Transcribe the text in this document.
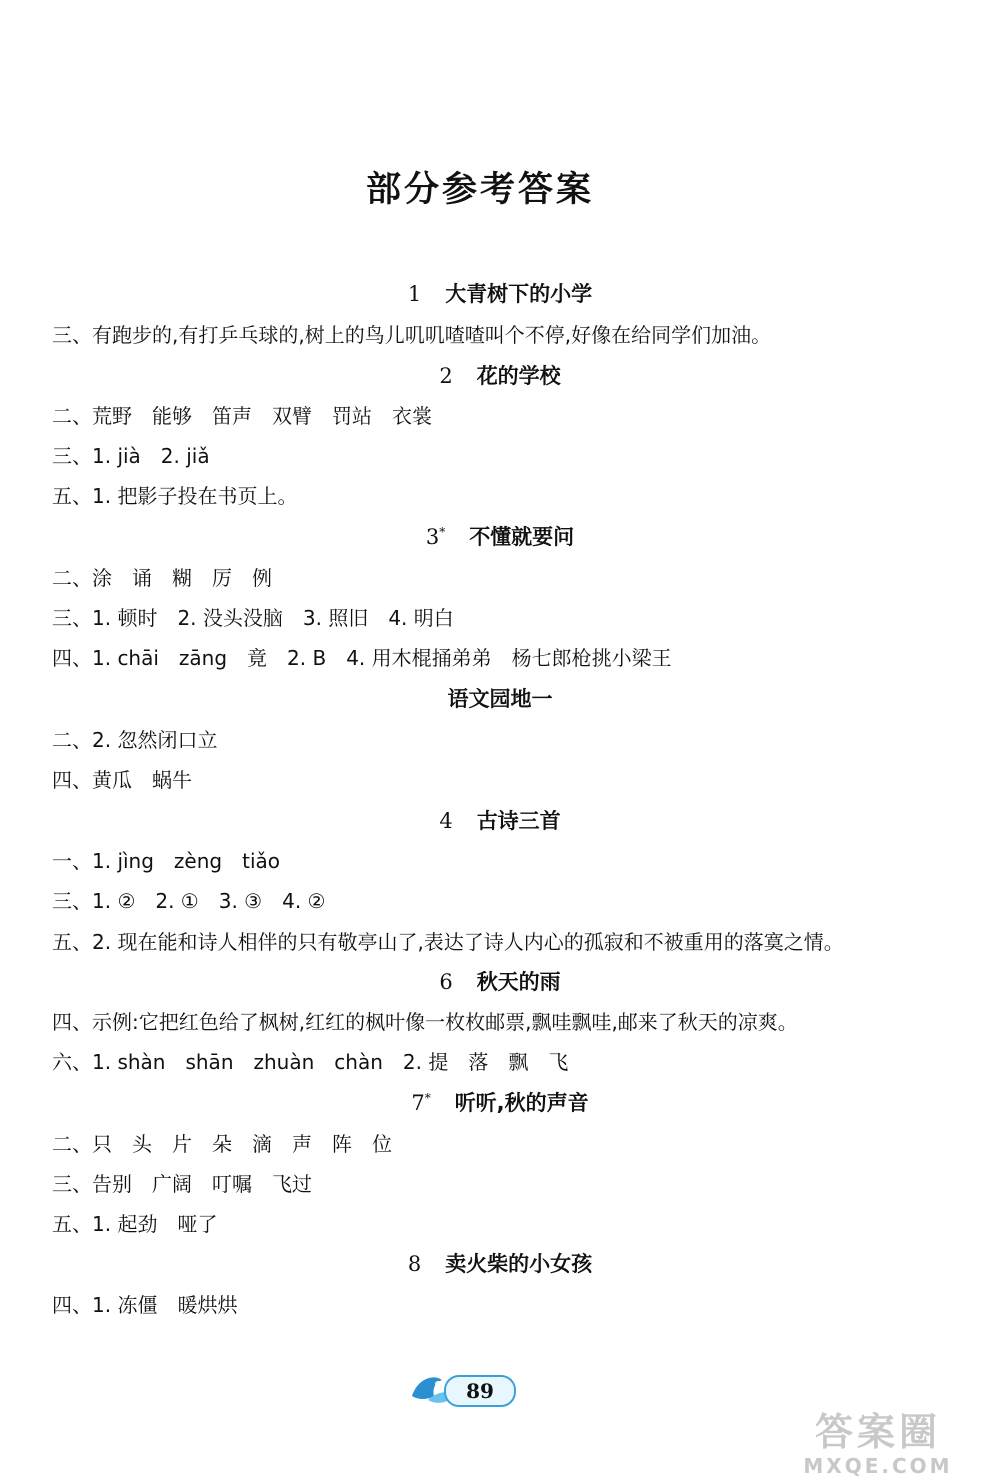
部分参考答案
1 大青树下的小学
三、有跑步的,有打乒乓球的,树上的鸟儿叽叽喳喳叫个不停,好像在给同学们加油。
2 花的学校
二、荒野　能够　笛声　双臂　罚站　衣裳
三、1. jià　2. jiǎ
五、1. 把影子投在书页上。
3* 不懂就要问
二、涂　诵　糊　厉　例
三、1. 顿时　2. 没头没脑　3. 照旧　4. 明白
四、1. chāi　zāng　竟　2. B　4. 用木棍捅弟弟　杨七郎枪挑小梁王
语文园地一
二、2. 忽然闭口立
四、黄瓜　蜗牛
4 古诗三首
一、1. jìng　zèng　tiǎo
三、1. ②　2. ①　3. ③　4. ②
五、2. 现在能和诗人相伴的只有敬亭山了,表达了诗人内心的孤寂和不被重用的落寞之情。
6 秋天的雨
四、示例:它把红色给了枫树,红红的枫叶像一枚枚邮票,飘哇飘哇,邮来了秋天的凉爽。
六、1. shàn　shān　zhuàn　chàn　2. 提　落　飘　飞
7* 听听,秋的声音
二、只　头　片　朵　滴　声　阵　位
三、告别　广阔　叮嘱　飞过
五、1. 起劲　哑了
8 卖火柴的小女孩
四、1. 冻僵　暖烘烘
89
答案圈
MXQE.COM
